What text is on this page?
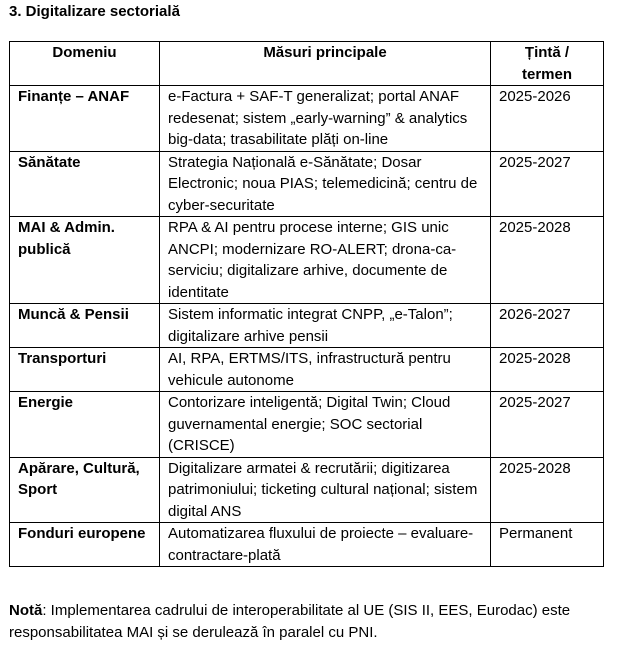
3. Digitalizare sectorială
Domeniu	Măsuri principale	Țintă / termen
Finanțe – ANAF	e-Factura + SAF-T generalizat; portal ANAF redesenat; sistem „early-warning” & analytics big-data; trasabilitate plăți on-line	2025-2026
Sănătate	Strategia Națională e-Sănătate; Dosar Electronic; noua PIAS; telemedicină; centru de cyber-securitate	2025-2027
MAI & Admin. publică	RPA & AI pentru procese interne; GIS unic ANCPI; modernizare RO-ALERT; drona-ca-serviciu; digitalizare arhive, documente de identitate	2025-2028
Muncă & Pensii	Sistem informatic integrat CNPP, „e-Talon”; digitalizare arhive pensii	2026-2027
Transporturi	AI, RPA, ERTMS/ITS, infrastructură pentru vehicule autonome	2025-2028
Energie	Contorizare inteligentă; Digital Twin; Cloud guvernamental energie; SOC sectorial (CRISCE)	2025-2027
Apărare, Cultură, Sport	Digitalizare armatei & recrutării; digitizarea patrimoniului; ticketing cultural național; sistem digital ANS	2025-2028
Fonduri europene	Automatizarea fluxului de proiecte – evaluare-contractare-plată	Permanent
Notă: Implementarea cadrului de interoperabilitate al UE (SIS II, EES, Eurodac) este responsabilitatea MAI și se derulează în paralel cu PNI.
